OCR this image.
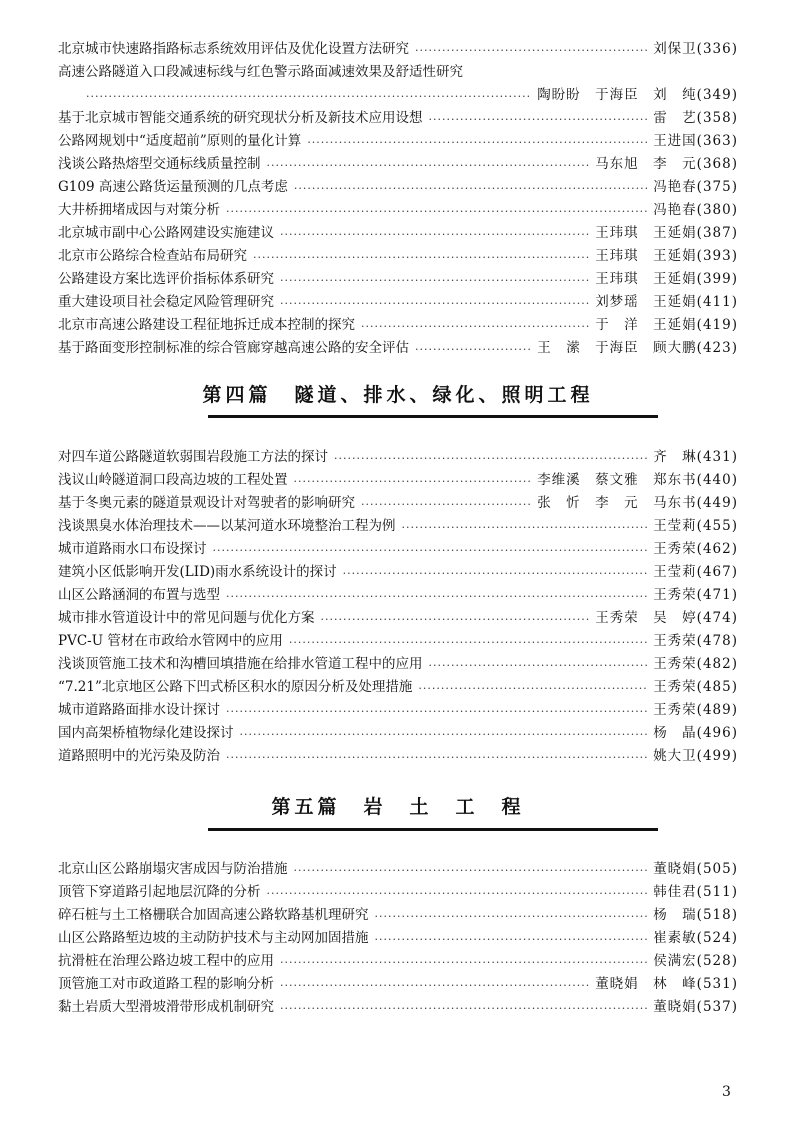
北京城市快速路指路标志系统效用评估及优化设置方法研究 ·····	刘保卫(336)
高速公路隧道入口段减速标线与红色警示路面减速效果及舒适性研究
·····
陶盼盼　于海臣　刘　纯(349)
基于北京城市智能交通系统的研究现状分析及新技术应用设想 ·····	雷　艺(358)
公路网规划中“适度超前”原则的量化计算 ·····	王进国(363)
浅谈公路热熔型交通标线质量控制 ·····	马东旭　李　元(368)
G109 高速公路货运量预测的几点考虑 ·····	冯艳春(375)
大井桥拥堵成因与对策分析 ·····	冯艳春(380)
北京城市副中心公路网建设实施建议 ·····	王玮琪　王延娟(387)
北京市公路综合检查站布局研究 ·····	王玮琪　王延娟(393)
公路建设方案比选评价指标体系研究 ·····	王玮琪　王延娟(399)
重大建设项目社会稳定风险管理研究 ·····	刘梦瑶　王延娟(411)
北京市高速公路建设工程征地拆迁成本控制的探究 ·····	于　洋　王延娟(419)
基于路面变形控制标准的综合管廊穿越高速公路的安全评估 ·····	王　潆　于海臣　顾大鹏(423)
第四篇　隧道、排水、绿化、照明工程
对四车道公路隧道软弱围岩段施工方法的探讨 ·····	齐　琳(431)
浅议山岭隧道洞口段高边坡的工程处置 ·····	李维溪　蔡文雅　郑东书(440)
基于冬奥元素的隧道景观设计对驾驶者的影响研究 ·····	张　忻　李　元　马东书(449)
浅谈黑臭水体治理技术——以某河道水环境整治工程为例 ·····	王莹莉(455)
城市道路雨水口布设探讨 ·····	王秀荣(462)
建筑小区低影响开发(LID)雨水系统设计的探讨 ·····	王莹莉(467)
山区公路涵洞的布置与选型 ·····	王秀荣(471)
城市排水管道设计中的常见问题与优化方案 ·····	王秀荣　吴　婷(474)
PVC-U 管材在市政给水管网中的应用 ·····	王秀荣(478)
浅谈顶管施工技术和沟槽回填措施在给排水管道工程中的应用 ·····	王秀荣(482)
“7.21”北京地区公路下凹式桥区积水的原因分析及处理措施 ·····	王秀荣(485)
城市道路路面排水设计探讨 ·····	王秀荣(489)
国内高架桥植物绿化建设探讨 ·····	杨　晶(496)
道路照明中的光污染及防治 ·····	姚大卫(499)
第五篇　岩　土　工　程
北京山区公路崩塌灾害成因与防治措施 ·····	董晓娟(505)
顶管下穿道路引起地层沉降的分析 ·····	韩佳君(511)
碎石桩与土工格栅联合加固高速公路软路基机理研究 ·····	杨　瑞(518)
山区公路路堑边坡的主动防护技术与主动网加固措施 ·····	崔素敏(524)
抗滑桩在治理公路边坡工程中的应用 ·····	侯满宏(528)
顶管施工对市政道路工程的影响分析 ·····	董晓娟　林　峰(531)
黏土岩质大型滑坡滑带形成机制研究 ·····	董晓娟(537)
3
